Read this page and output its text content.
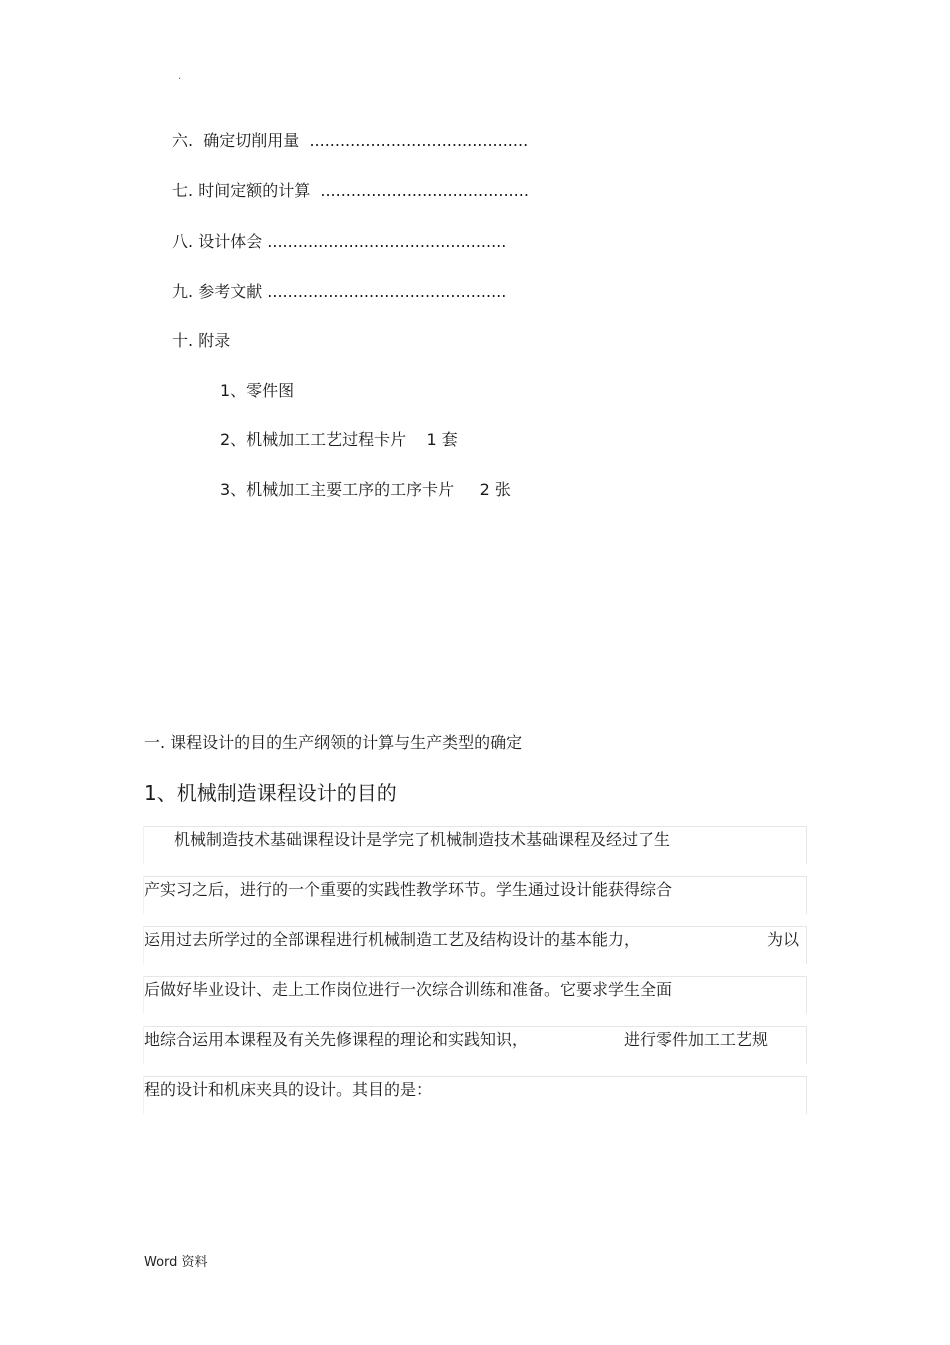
·
六. 确定切削用量 ...........................................
七. 时间定额的计算 .........................................
八. 设计体会 ...............................................
九. 参考文献 ...............................................
十. 附录
1、零件图
2、机械加工工艺过程卡片 1 套
3、机械加工主要工序的工序卡片 2 张
一. 课程设计的目的生产纲领的计算与生产类型的确定
1、机械制造课程设计的目的
机械制造技术基础课程设计是学完了机械制造技术基础课程及经过了生
产实习之后，进行的一个重要的实践性教学环节。学生通过设计能获得综合
运用过去所学过的全部课程进行机械制造工艺及结构设计的基本能力，	为以
后做好毕业设计、走上工作岗位进行一次综合训练和准备。它要求学生全面
地综合运用本课程及有关先修课程的理论和实践知识，	进行零件加工工艺规
程的设计和机床夹具的设计。其目的是：
Word 资料
